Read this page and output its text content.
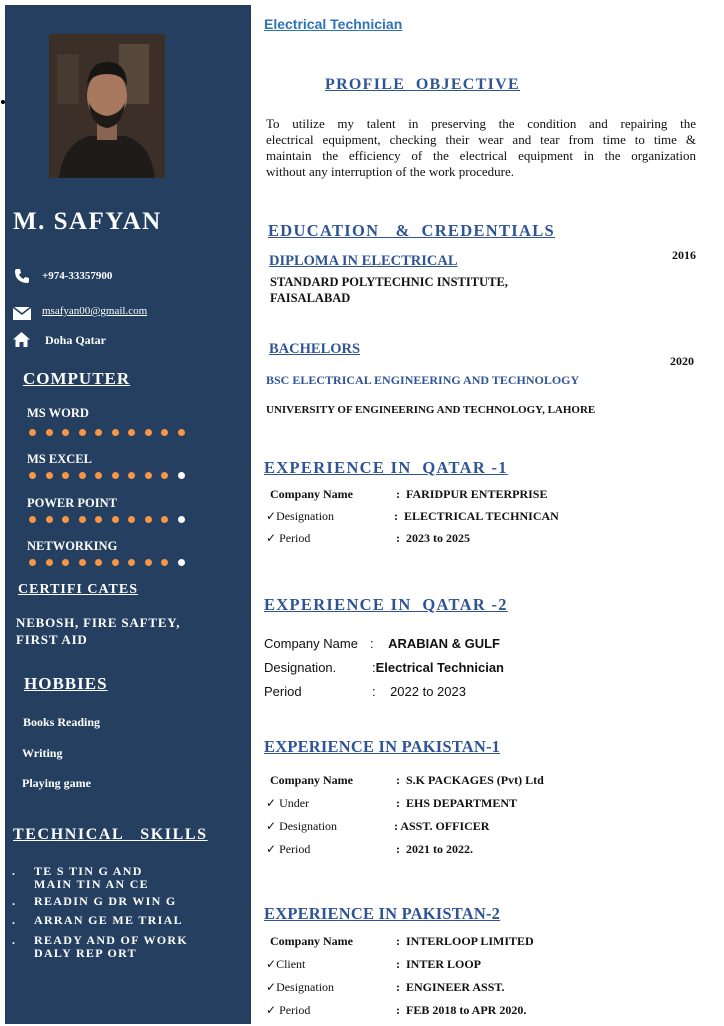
M. SAFYAN
+974-33357900
msafyan00@gmail.com
Doha Qatar
COMPUTER
MS WORD
MS EXCEL
POWER POINT
NETWORKING
CERTIFI CATES
NEBOSH, FIRE SAFTEY,
FIRST AID
HOBBIES
Books Reading
Writing
Playing game
TECHNICAL   SKILLS
.	TE S TIN G AND
MAIN TIN AN CE
.	READIN G DR WIN G
.	ARRAN GE ME TRIAL
.	READY AND OF WORK
DALY REP ORT
Electrical Technician
PROFILE  OBJECTIVE
To utilize my talent in preserving the condition and repairing the
electrical equipment, checking their wear and tear from time to time &
maintain the efficiency of the electrical equipment in the organization
without any interruption of the work procedure.
EDUCATION   &  CREDENTIALS
DIPLOMA IN ELECTRICAL	2016
STANDARD POLYTECHNIC INSTITUTE,
FAISALABAD
BACHELORS
2020
BSC ELECTRICAL ENGINEERING AND TECHNOLOGY
UNIVERSITY OF ENGINEERING AND TECHNOLOGY, LAHORE
EXPERIENCE IN  QATAR -1
Company Name	:  FARIDPUR ENTERPRISE
✓Designation	:  ELECTRICAL TECHNICAN
✓ Period	:  2023 to 2025
EXPERIENCE IN  QATAR -2
Company Name :    ARABIAN & GULF
Designation.	:Electrical Technician
Period	:    2022 to 2023
EXPERIENCE IN PAKISTAN-1
Company Name	:  S.K PACKAGES (Pvt) Ltd
✓ Under	:  EHS DEPARTMENT
✓ Designation	: ASST. OFFICER
✓ Period	:  2021 to 2022.
EXPERIENCE IN PAKISTAN-2
Company Name	:  INTERLOOP LIMITED
✓Client	:  INTER LOOP
✓Designation	:  ENGINEER ASST.
✓ Period	:  FEB 2018 to APR 2020.
